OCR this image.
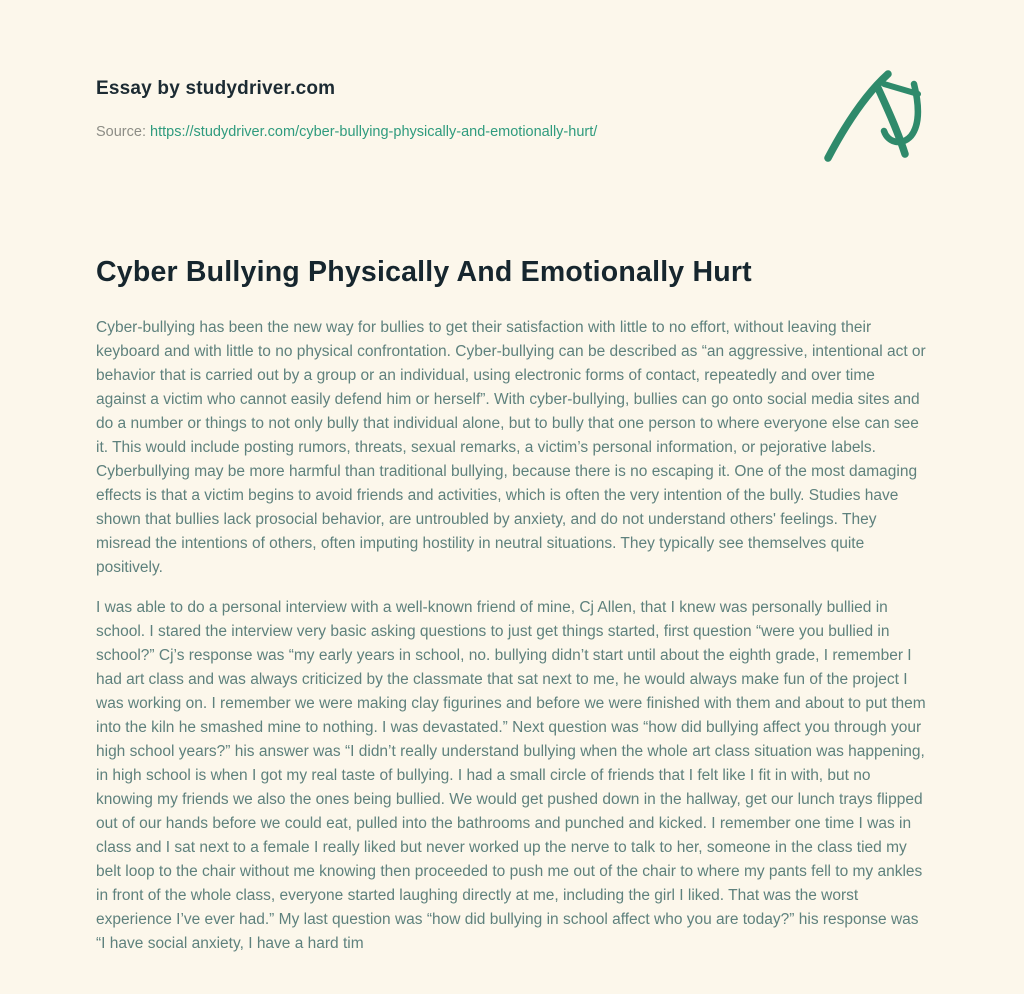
Essay by studydriver.com

Source: https://studydriver.com/cyber-bullying-physically-and-emotionally-hurt/

Cyber Bullying Physically And Emotionally Hurt

Cyber-bullying has been the new way for bullies to get their satisfaction with little to no effort, without leaving their keyboard and with little to no physical confrontation. Cyber-bullying can be described as “an aggressive, intentional act or behavior that is carried out by a group or an individual, using electronic forms of contact, repeatedly and over time against a victim who cannot easily defend him or herself”. With cyber-bullying, bullies can go onto social media sites and do a number or things to not only bully that individual alone, but to bully that one person to where everyone else can see it. This would include posting rumors, threats, sexual remarks, a victim’s personal information, or pejorative labels. Cyberbullying may be more harmful than traditional bullying, because there is no escaping it. One of the most damaging effects is that a victim begins to avoid friends and activities, which is often the very intention of the bully. Studies have shown that bullies lack prosocial behavior, are untroubled by anxiety, and do not understand others' feelings. They misread the intentions of others, often imputing hostility in neutral situations. They typically see themselves quite positively.

I was able to do a personal interview with a well-known friend of mine, Cj Allen, that I knew was personally bullied in school. I stared the interview very basic asking questions to just get things started, first question “were you bullied in school?” Cj’s response was “my early years in school, no. bullying didn’t start until about the eighth grade, I remember I had art class and was always criticized by the classmate that sat next to me, he would always make fun of the project I was working on. I remember we were making clay figurines and before we were finished with them and about to put them into the kiln he smashed mine to nothing. I was devastated.” Next question was “how did bullying affect you through your high school years?” his answer was “I didn’t really understand bullying when the whole art class situation was happening, in high school is when I got my real taste of bullying. I had a small circle of friends that I felt like I fit in with, but no knowing my friends we also the ones being bullied. We would get pushed down in the hallway, get our lunch trays flipped out of our hands before we could eat, pulled into the bathrooms and punched and kicked. I remember one time I was in class and I sat next to a female I really liked but never worked up the nerve to talk to her, someone in the class tied my belt loop to the chair without me knowing then proceeded to push me out of the chair to where my pants fell to my ankles in front of the whole class, everyone started laughing directly at me, including the girl I liked. That was the worst experience I’ve ever had.” My last question was “how did bullying in school affect who you are today?” his response was “I have social anxiety, I have a hard tim
